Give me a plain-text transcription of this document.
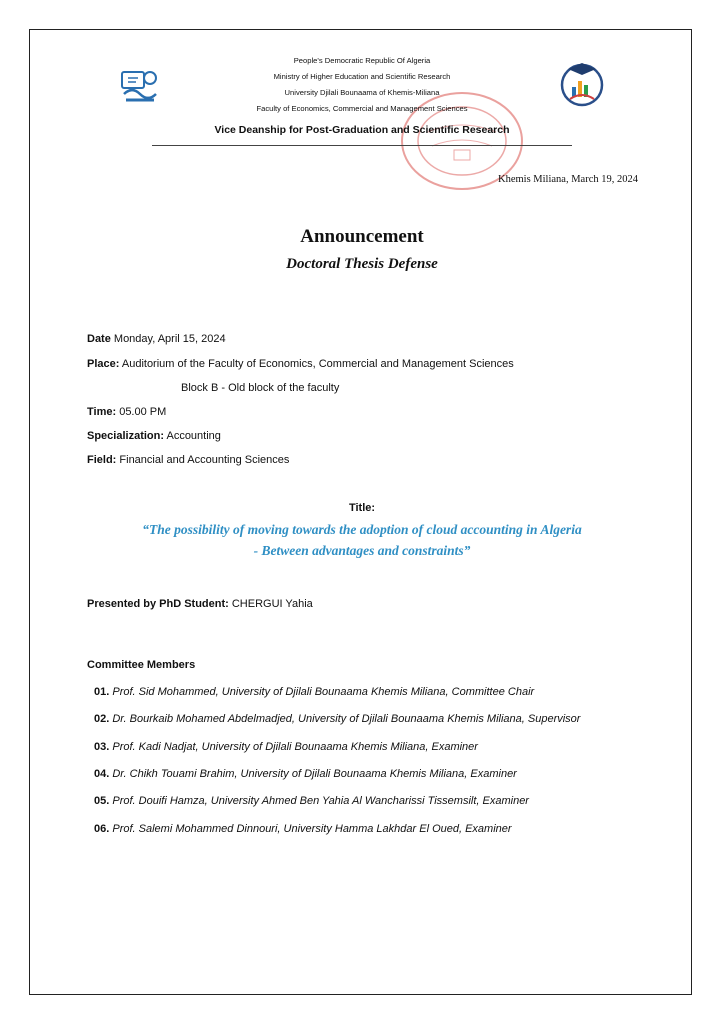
People's Democratic Republic Of Algeria
Ministry of Higher Education and Scientific Research
University Djilali Bounaama of Khemis-Miliana
Faculty of Economics, Commercial and Management Sciences
Vice Deanship for Post-Graduation and Scientific Research
Khemis Miliana, March 19, 2024
Announcement
Doctoral Thesis Defense
Date Monday, April 15, 2024
Place: Auditorium of the Faculty of Economics, Commercial and Management Sciences
Block B - Old block of the faculty
Time: 05.00 PM
Specialization: Accounting
Field: Financial and Accounting Sciences
Title:
“The possibility of moving towards the adoption of cloud accounting in Algeria
- Between advantages and constraints”
Presented by PhD Student: CHERGUI Yahia
Committee Members
01. Prof. Sid Mohammed, University of Djilali Bounaama Khemis Miliana, Committee Chair
02. Dr. Bourkaib Mohamed Abdelmadjed, University of Djilali Bounaama Khemis Miliana, Supervisor
03. Prof. Kadi Nadjat, University of Djilali Bounaama Khemis Miliana, Examiner
04. Dr. Chikh Touami Brahim, University of Djilali Bounaama Khemis Miliana, Examiner
05. Prof. Douifi Hamza, University Ahmed Ben Yahia Al Wancharissi Tissemsilt, Examiner
06. Prof. Salemi Mohammed Dinnouri, University Hamma Lakhdar El Oued, Examiner
